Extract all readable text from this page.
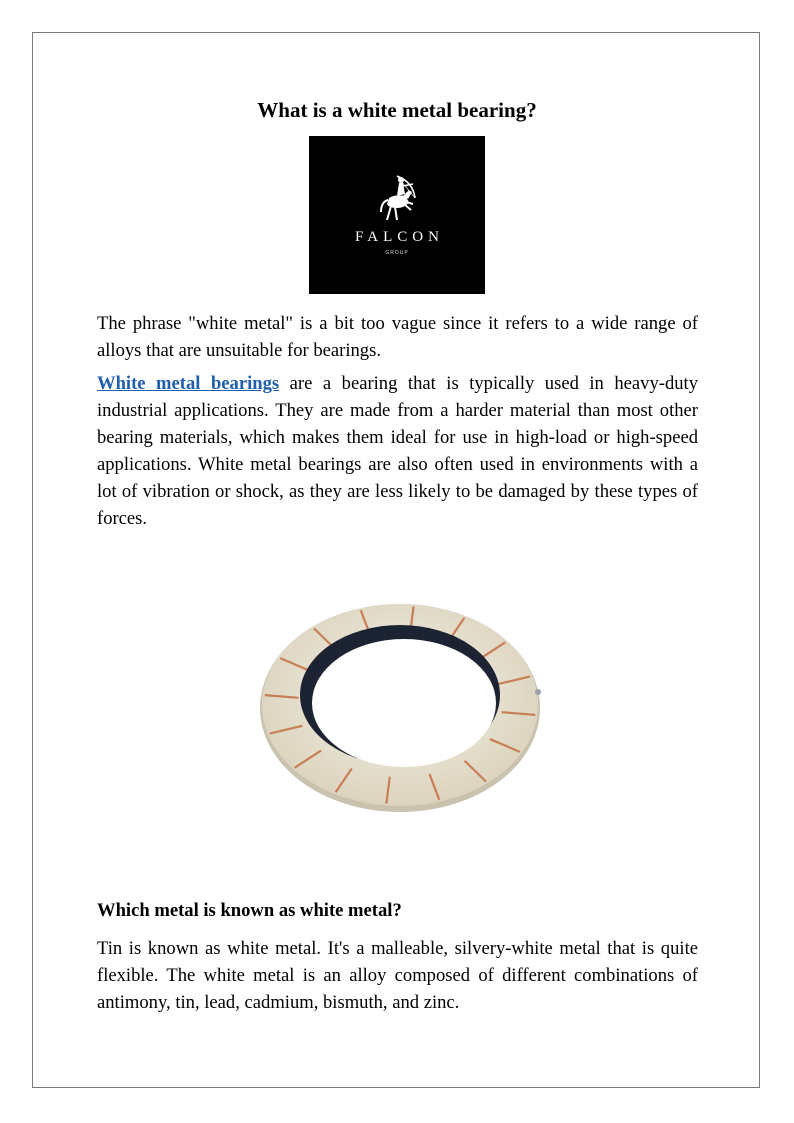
What is a white metal bearing?
FALCON
GROUP

The phrase "white metal" is a bit too vague since it refers to a wide range of alloys that are unsuitable for bearings.

White metal bearings are a bearing that is typically used in heavy-duty industrial applications. They are made from a harder material than most other bearing materials, which makes them ideal for use in high-load or high-speed applications. White metal bearings are also often used in environments with a lot of vibration or shock, as they are less likely to be damaged by these types of forces.

Which metal is known as white metal?

Tin is known as white metal. It's a malleable, silvery-white metal that is quite flexible. The white metal is an alloy composed of different combinations of antimony, tin, lead, cadmium, bismuth, and zinc.
